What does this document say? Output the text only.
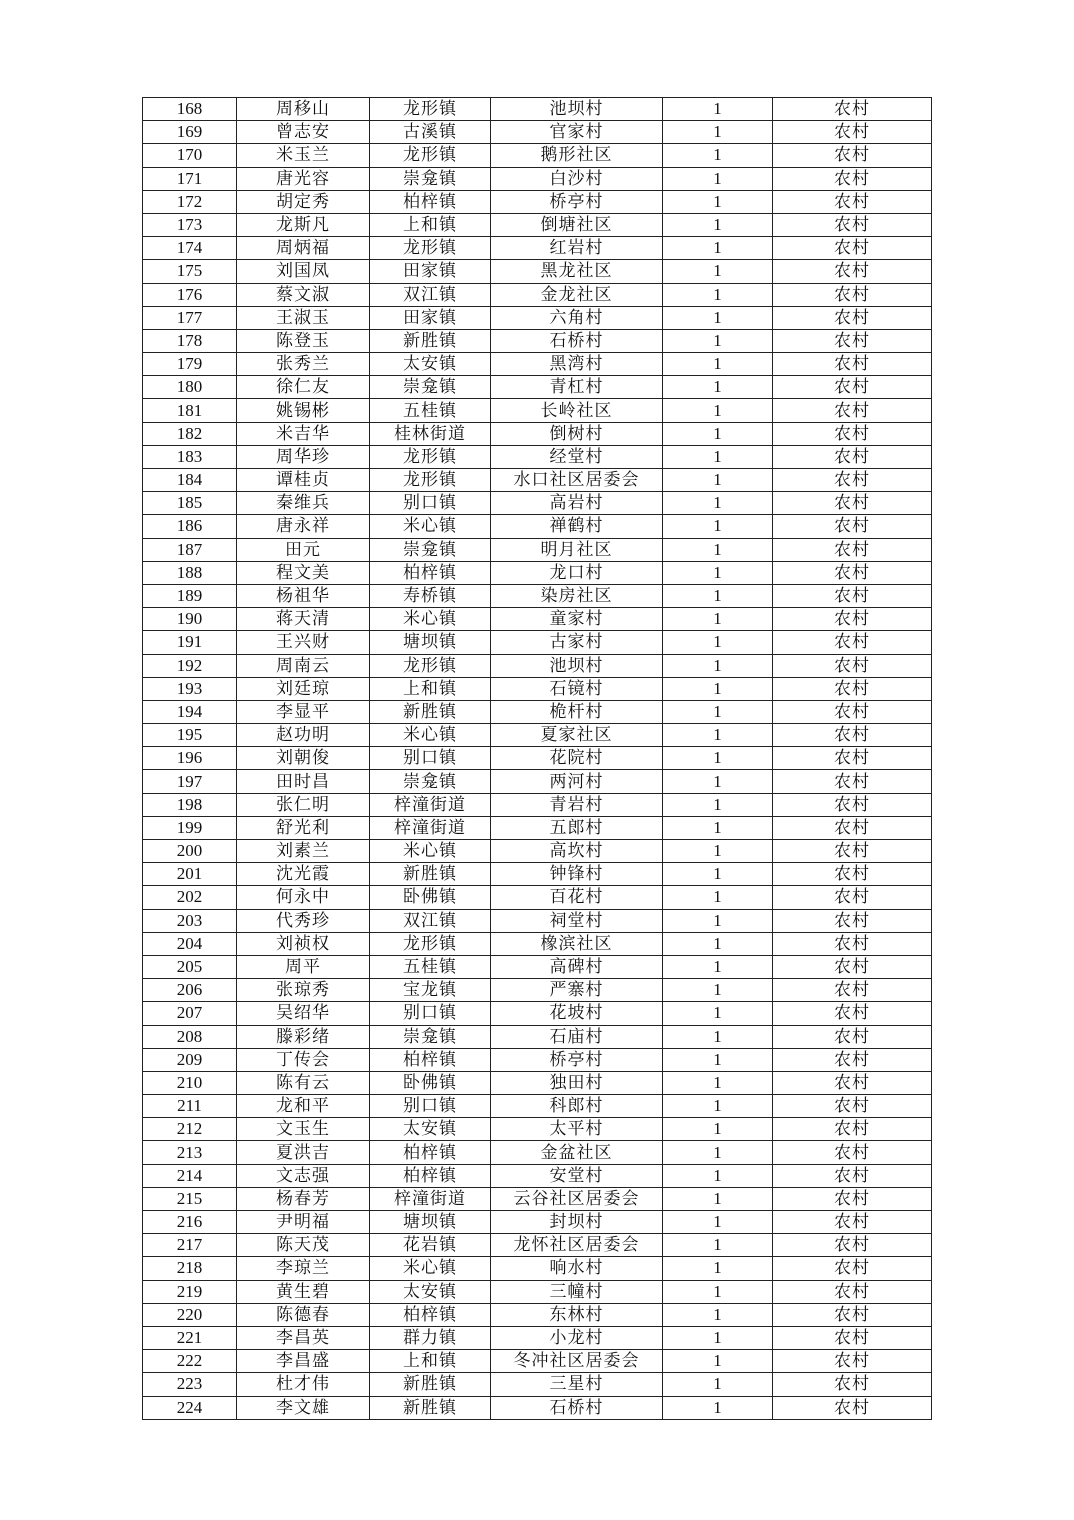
168	周移山	龙形镇	池坝村	1	农村
169	曾志安	古溪镇	官家村	1	农村
170	米玉兰	龙形镇	鹅形社区	1	农村
171	唐光容	崇龛镇	白沙村	1	农村
172	胡定秀	柏梓镇	桥亭村	1	农村
173	龙斯凡	上和镇	倒塘社区	1	农村
174	周炳福	龙形镇	红岩村	1	农村
175	刘国凤	田家镇	黑龙社区	1	农村
176	蔡文淑	双江镇	金龙社区	1	农村
177	王淑玉	田家镇	六角村	1	农村
178	陈登玉	新胜镇	石桥村	1	农村
179	张秀兰	太安镇	黑湾村	1	农村
180	徐仁友	崇龛镇	青杠村	1	农村
181	姚锡彬	五桂镇	长岭社区	1	农村
182	米吉华	桂林街道	倒树村	1	农村
183	周华珍	龙形镇	经堂村	1	农村
184	谭桂贞	龙形镇	水口社区居委会	1	农村
185	秦维兵	别口镇	高岩村	1	农村
186	唐永祥	米心镇	禅鹤村	1	农村
187	田元	崇龛镇	明月社区	1	农村
188	程文美	柏梓镇	龙口村	1	农村
189	杨祖华	寿桥镇	染房社区	1	农村
190	蒋天清	米心镇	童家村	1	农村
191	王兴财	塘坝镇	古家村	1	农村
192	周南云	龙形镇	池坝村	1	农村
193	刘廷琼	上和镇	石镜村	1	农村
194	李显平	新胜镇	桅杆村	1	农村
195	赵功明	米心镇	夏家社区	1	农村
196	刘朝俊	别口镇	花院村	1	农村
197	田时昌	崇龛镇	两河村	1	农村
198	张仁明	梓潼街道	青岩村	1	农村
199	舒光利	梓潼街道	五郎村	1	农村
200	刘素兰	米心镇	高坎村	1	农村
201	沈光霞	新胜镇	钟锋村	1	农村
202	何永中	卧佛镇	百花村	1	农村
203	代秀珍	双江镇	祠堂村	1	农村
204	刘祯权	龙形镇	橡滨社区	1	农村
205	周平	五桂镇	高碑村	1	农村
206	张琼秀	宝龙镇	严寨村	1	农村
207	吴绍华	别口镇	花坡村	1	农村
208	滕彩绪	崇龛镇	石庙村	1	农村
209	丁传会	柏梓镇	桥亭村	1	农村
210	陈有云	卧佛镇	独田村	1	农村
211	龙和平	别口镇	科郎村	1	农村
212	文玉生	太安镇	太平村	1	农村
213	夏洪吉	柏梓镇	金盆社区	1	农村
214	文志强	柏梓镇	安堂村	1	农村
215	杨春芳	梓潼街道	云谷社区居委会	1	农村
216	尹明福	塘坝镇	封坝村	1	农村
217	陈天茂	花岩镇	龙怀社区居委会	1	农村
218	李琼兰	米心镇	响水村	1	农村
219	黄生碧	太安镇	三幢村	1	农村
220	陈德春	柏梓镇	东林村	1	农村
221	李昌英	群力镇	小龙村	1	农村
222	李昌盛	上和镇	冬冲社区居委会	1	农村
223	杜才伟	新胜镇	三星村	1	农村
224	李文雄	新胜镇	石桥村	1	农村
